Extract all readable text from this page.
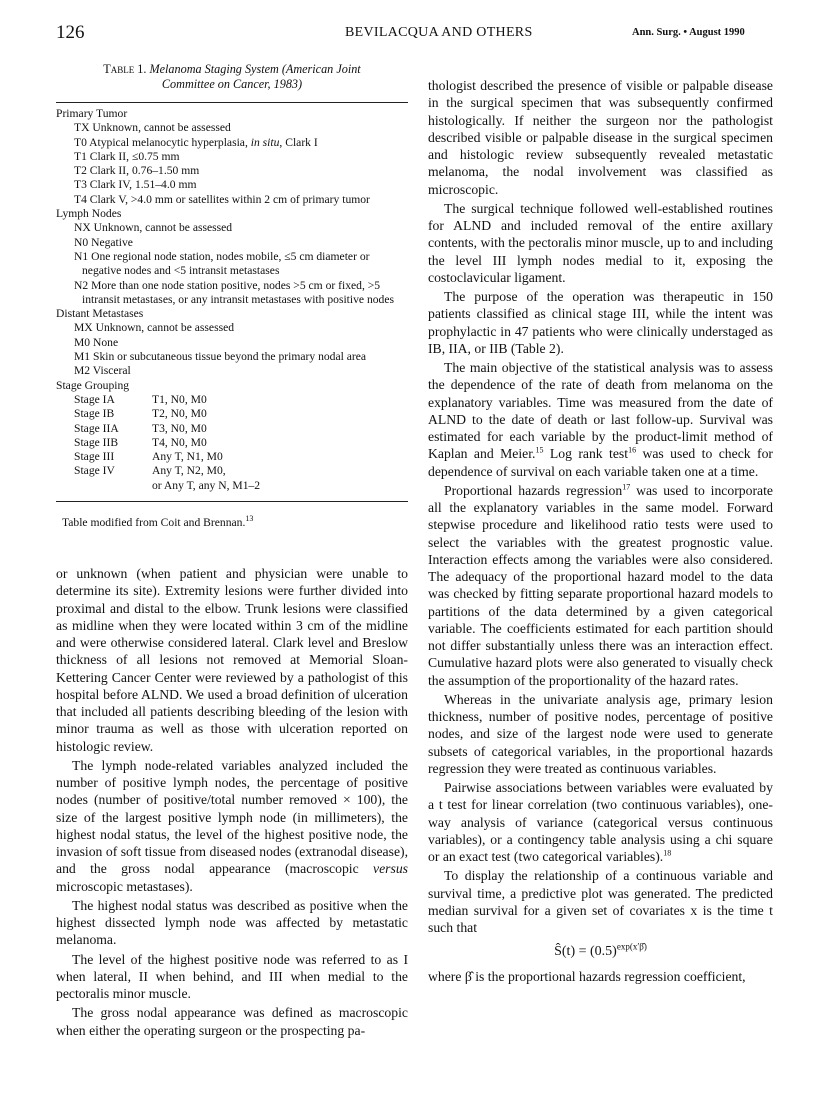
126	BEVILACQUA AND OTHERS	Ann. Surg. • August 1990
Table 1. Melanoma Staging System (American Joint
Committee on Cancer, 1983)
Primary Tumor
TX Unknown, cannot be assessed
T0 Atypical melanocytic hyperplasia, in situ, Clark I
T1 Clark II, ≤0.75 mm
T2 Clark II, 0.76–1.50 mm
T3 Clark IV, 1.51–4.0 mm
T4 Clark V, >4.0 mm or satellites within 2 cm of primary tumor
Lymph Nodes
NX Unknown, cannot be assessed
N0 Negative
N1 One regional node station, nodes mobile, ≤5 cm diameter or negative nodes and <5 intransit metastases
N2 More than one node station positive, nodes >5 cm or fixed, >5 intransit metastases, or any intransit metastases with positive nodes
Distant Metastases
MX Unknown, cannot be assessed
M0 None
M1 Skin or subcutaneous tissue beyond the primary nodal area
M2 Visceral
Stage Grouping
Stage IA	T1, N0, M0
Stage IB	T2, N0, M0
Stage IIA	T3, N0, M0
Stage IIB	T4, N0, M0
Stage III	Any T, N1, M0
Stage IV	Any T, N2, M0,
or Any T, any N, M1–2
Table modified from Coit and Brennan.$^{13}$

or unknown (when patient and physician were unable to determine its site). Extremity lesions were further divided into proximal and distal to the elbow. Trunk lesions were classified as midline when they were located within 3 cm of the midline and were otherwise considered lateral. Clark level and Breslow thickness of all lesions not removed at Memorial Sloan-Kettering Cancer Center were reviewed by a pathologist of this hospital before ALND. We used a broad definition of ulceration that included all patients describing bleeding of the lesion with minor trauma as well as those with ulceration reported on histologic review.

The lymph node-related variables analyzed included the number of positive lymph nodes, the percentage of positive nodes (number of positive/total number removed × 100), the size of the largest positive lymph node (in millimeters), the highest nodal status, the level of the highest positive node, the invasion of soft tissue from diseased nodes (extranodal disease), and the gross nodal appearance (macroscopic versus microscopic metastases).

The highest nodal status was described as positive when the highest dissected lymph node was affected by metastatic melanoma.

The level of the highest positive node was referred to as I when lateral, II when behind, and III when medial to the pectoralis minor muscle.

The gross nodal appearance was defined as macroscopic when either the operating surgeon or the prospecting pa-

thologist described the presence of visible or palpable disease in the surgical specimen that was subsequently confirmed histologically. If neither the surgeon nor the pathologist described visible or palpable disease in the surgical specimen and histologic review subsequently revealed metastatic melanoma, the nodal involvement was classified as microscopic.

The surgical technique followed well-established routines for ALND and included removal of the entire axillary contents, with the pectoralis minor muscle, up to and including the level III lymph nodes medial to it, exposing the costoclavicular ligament.

The purpose of the operation was therapeutic in 150 patients classified as clinical stage III, while the intent was prophylactic in 47 patients who were clinically understaged as IB, IIA, or IIB (Table 2).

The main objective of the statistical analysis was to assess the dependence of the rate of death from melanoma on the explanatory variables. Time was measured from the date of ALND to the date of death or last follow-up. Survival was estimated for each variable by the product-limit method of Kaplan and Meier.$^{15}$ Log rank test$^{16}$ was used to check for dependence of survival on each variable taken one at a time.

Proportional hazards regression$^{17}$ was used to incorporate all the explanatory variables in the same model. Forward stepwise procedure and likelihood ratio tests were used to select the variables with the greatest prognostic value. Interaction effects among the variables were also considered. The adequacy of the proportional hazard model to the data was checked by fitting separate proportional hazard models to partitions of the data determined by a given categorical variable. The coefficients estimated for each partition should not differ substantially unless there was an interaction effect. Cumulative hazard plots were also generated to visually check the assumption of the proportionality of the hazard rates.

Whereas in the univariate analysis age, primary lesion thickness, number of positive nodes, percentage of positive nodes, and size of the largest node were used to generate subsets of categorical variables, in the proportional hazards regression they were treated as continuous variables.

Pairwise associations between variables were evaluated by a t test for linear correlation (two continuous variables), one-way analysis of variance (categorical versus continuous variables), or a contingency table analysis using a chi square or an exact test (two categorical variables).$^{18}$

To display the relationship of a continuous variable and survival time, a predictive plot was generated. The predicted median survival for a given set of covariates x is the time t such that

Ŝ(t) = $(0.5)^{exp(x'\betâ)}$

where β̂ is the proportional hazards regression coefficient,
